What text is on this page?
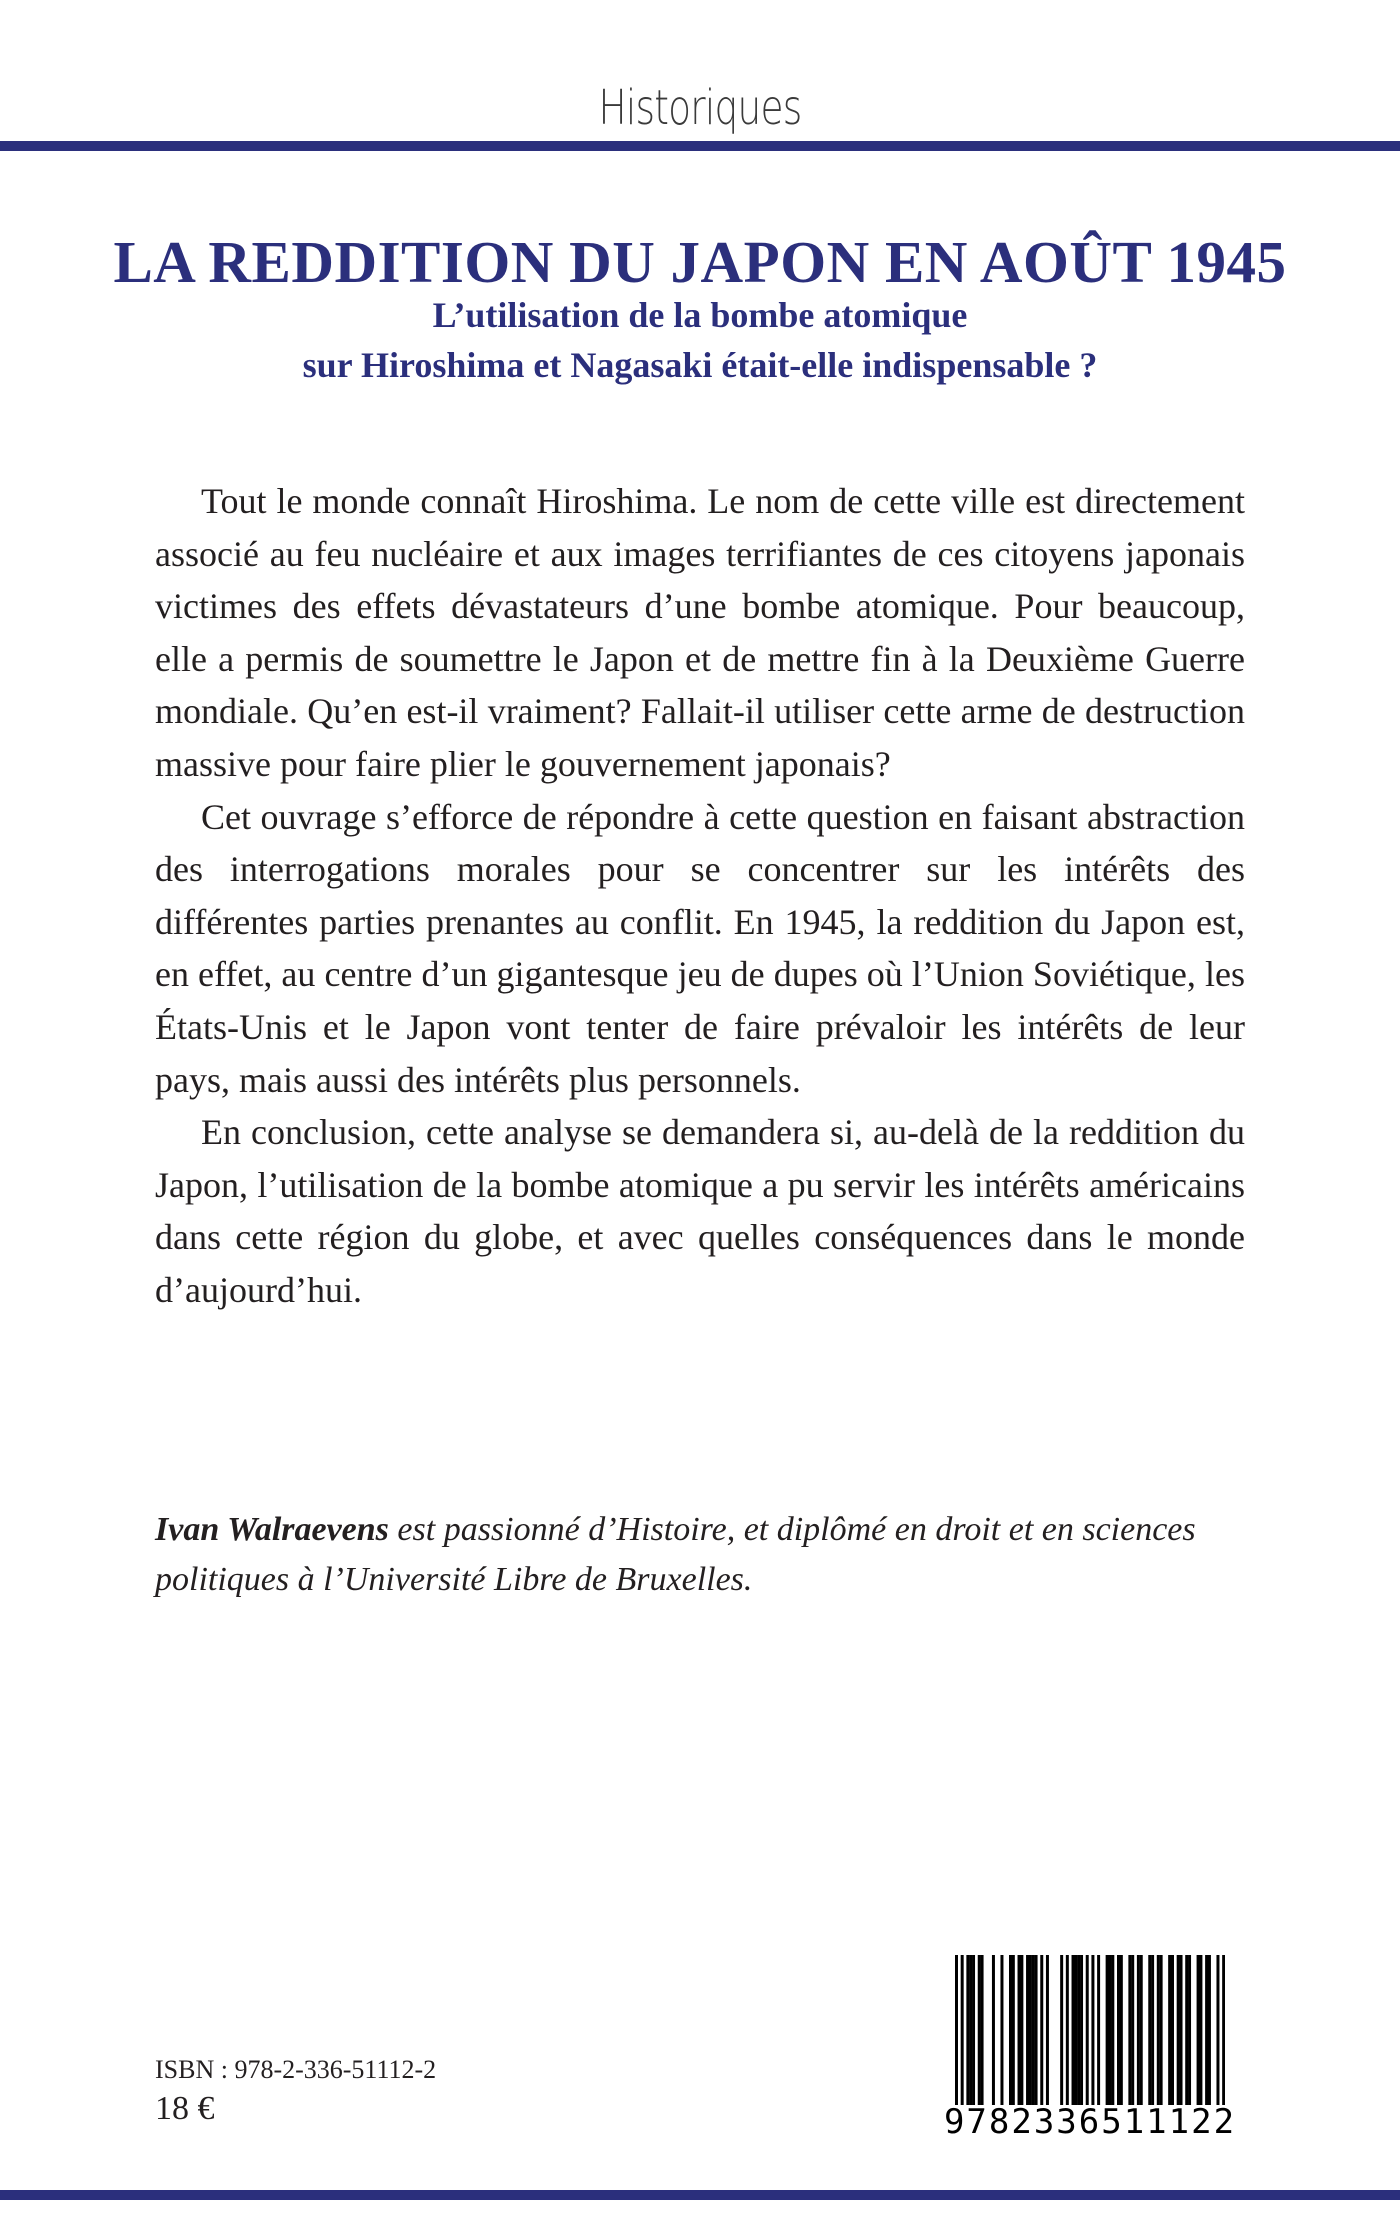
Historiques
LA REDDITION DU JAPON EN AOÛT 1945
L’utilisation de la bombe atomique
sur Hiroshima et Nagasaki était-elle indispensable ?

Tout le monde connaît Hiroshima. Le nom de cette ville est directement associé au feu nucléaire et aux images terrifiantes de ces citoyens japonais victimes des effets dévastateurs d’une bombe atomique. Pour beaucoup, elle a permis de soumettre le Japon et de mettre fin à la Deuxième Guerre mondiale. Qu’en est-il vraiment? Fallait-il utiliser cette arme de destruction massive pour faire plier le gouvernement japonais?

Cet ouvrage s’efforce de répondre à cette question en faisant abstraction des interrogations morales pour se concentrer sur les intérêts des différentes parties prenantes au conflit. En 1945, la reddition du Japon est, en effet, au centre d’un gigantesque jeu de dupes où l’Union Soviétique, les États-Unis et le Japon vont tenter de faire prévaloir les intérêts de leur pays, mais aussi des intérêts plus personnels.

En conclusion, cette analyse se demandera si, au-delà de la reddition du Japon, l’utilisation de la bombe atomique a pu servir les intérêts américains dans cette région du globe, et avec quelles conséquences dans le monde d’aujourd’hui.

Ivan Walraevens est passionné d’Histoire, et diplômé en droit et en sciences politiques à l’Université Libre de Bruxelles.
ISBN : 978-2-336-51112-2
18 €	9782336511122
